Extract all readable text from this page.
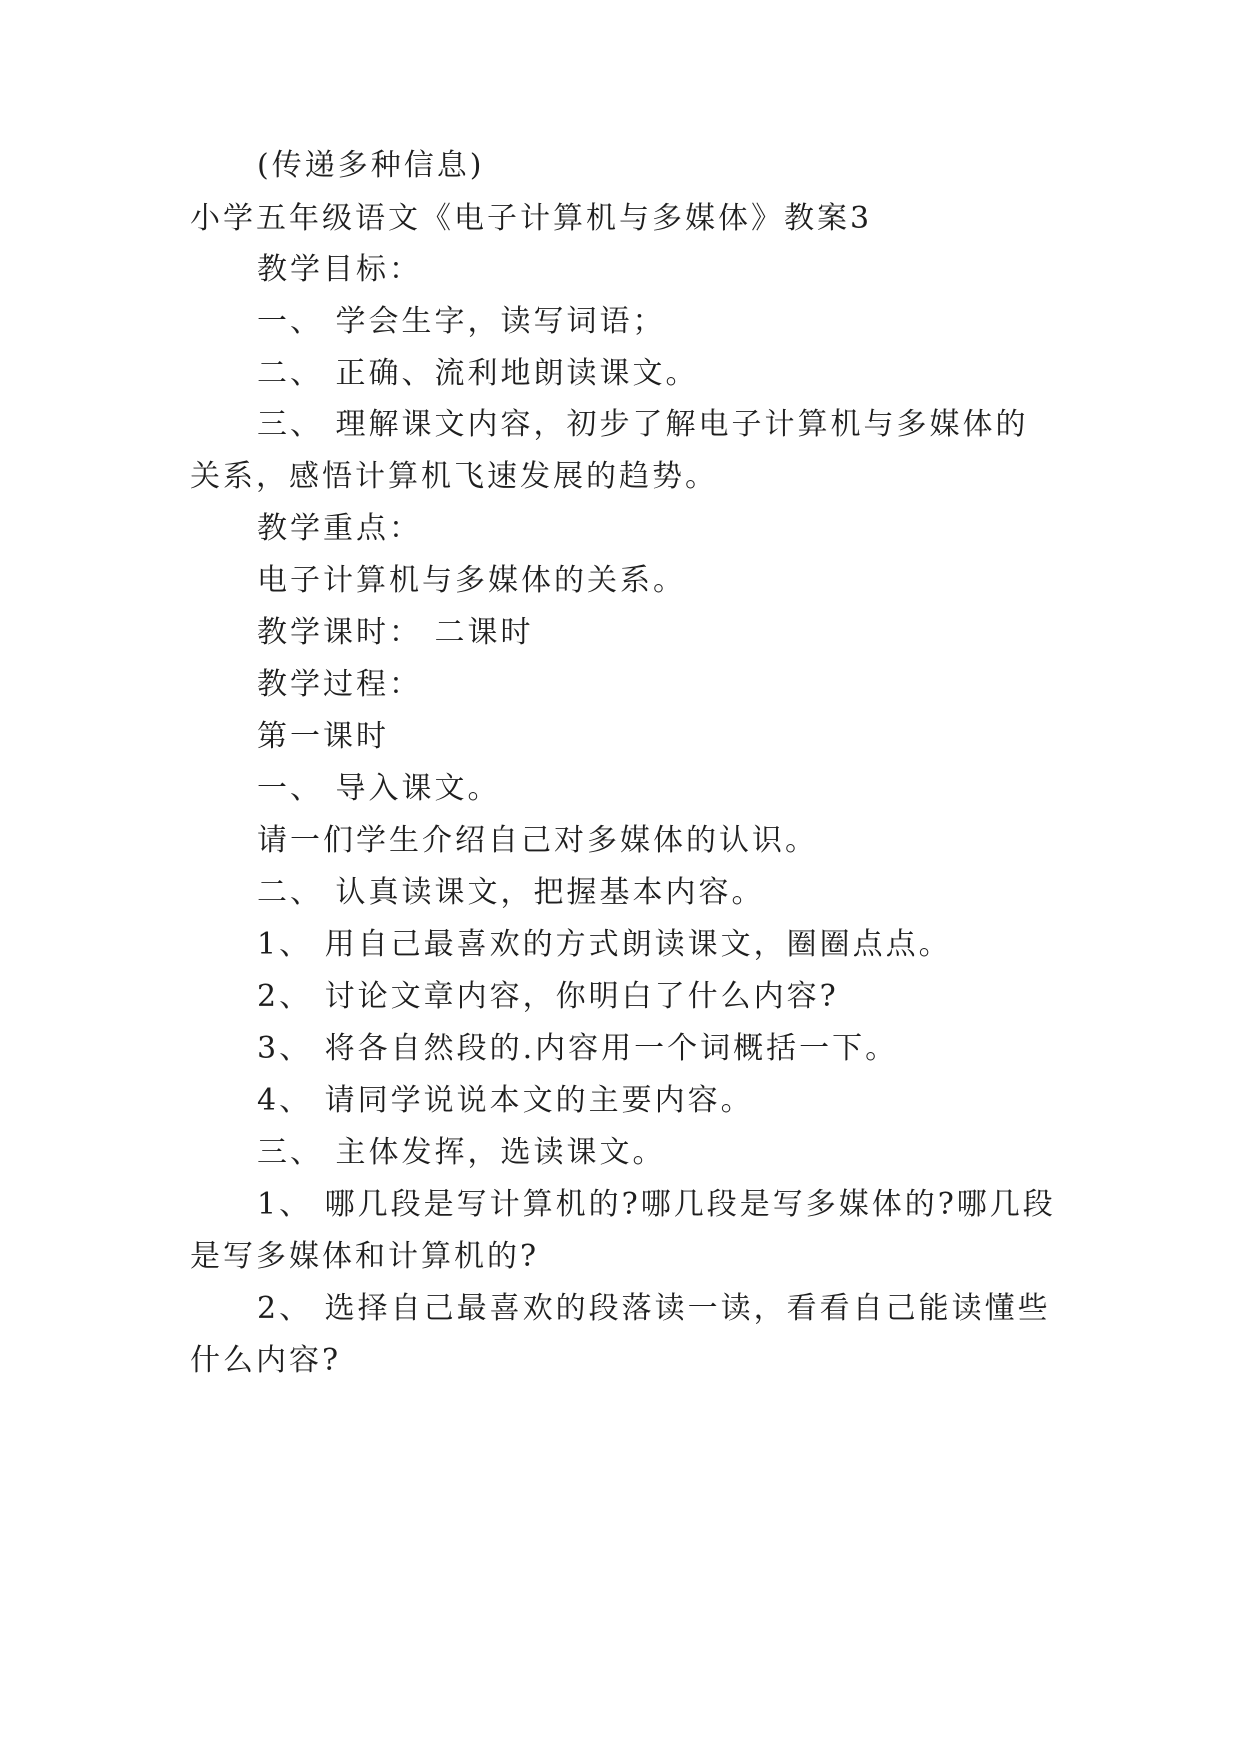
(传递多种信息)
小学五年级语文《电子计算机与多媒体》教案3
教学目标：
一、 学会生字，读写词语；
二、 正确、流利地朗读课文。
三、 理解课文内容，初步了解电子计算机与多媒体的
关系，感悟计算机飞速发展的趋势。
教学重点：
电子计算机与多媒体的关系。
教学课时： 二课时
教学过程：
第一课时
一、 导入课文。
请一们学生介绍自己对多媒体的认识。
二、 认真读课文，把握基本内容。
1、 用自己最喜欢的方式朗读课文，圈圈点点。
2、 讨论文章内容，你明白了什么内容?
3、 将各自然段的.内容用一个词概括一下。
4、 请同学说说本文的主要内容。
三、 主体发挥，选读课文。
1、 哪几段是写计算机的?哪几段是写多媒体的?哪几段
是写多媒体和计算机的?
2、 选择自己最喜欢的段落读一读，看看自己能读懂些
什么内容?
